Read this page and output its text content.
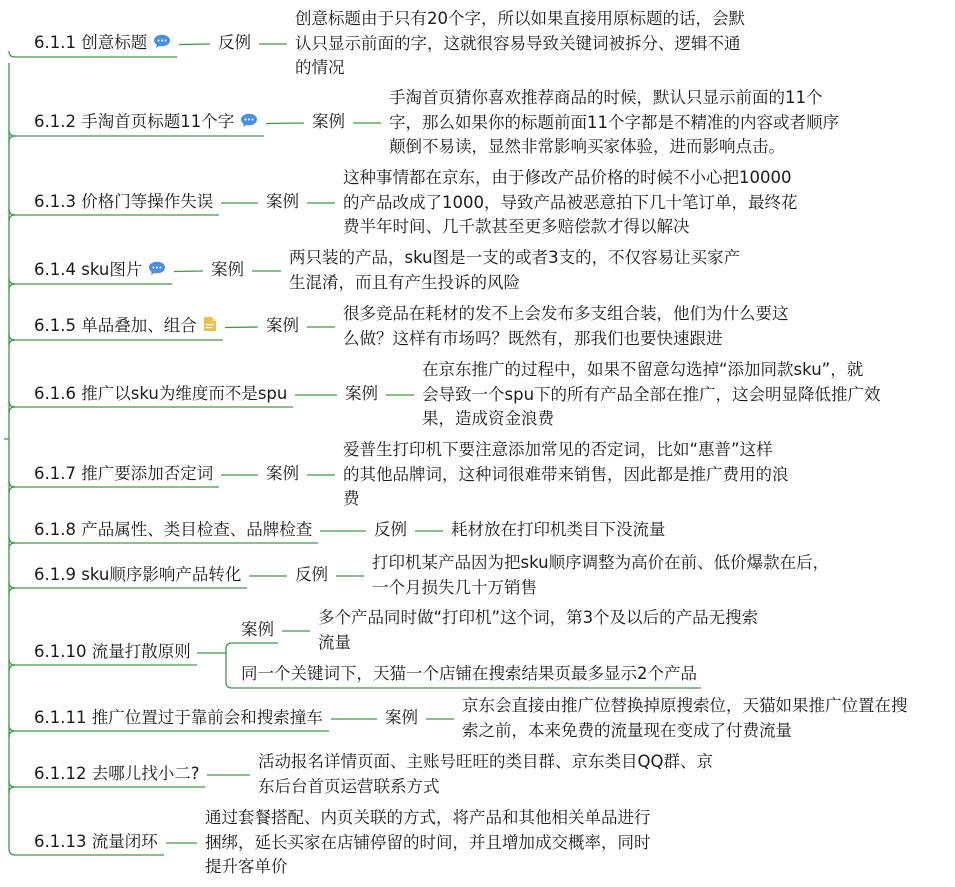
6.1.1 创意标题
6.1.2 手淘首页标题11个字
6.1.3 价格门等操作失误
6.1.4 sku图片
6.1.5 单品叠加、组合
6.1.6 推广以sku为维度而不是spu
6.1.7 推广要添加否定词
6.1.8 产品属性、类目检查、品牌检查
6.1.9 sku顺序影响产品转化
6.1.10 流量打散原则
6.1.11 推广位置过于靠前会和搜索撞车
6.1.12 去哪儿找小二?
6.1.13 流量闭环
反例
案例
案例
案例
案例
案例
案例
反例
反例
案例
案例
创意标题由于只有20个字，所以如果直接用原标题的话，会默
认只显示前面的字，这就很容易导致关键词被拆分、逻辑不通
的情况
手淘首页猜你喜欢推荐商品的时候，默认只显示前面的11个
字，那么如果你的标题前面11个字都是不精准的内容或者顺序
颠倒不易读，显然非常影响买家体验，进而影响点击。
这种事情都在京东，由于修改产品价格的时候不小心把10000
的产品改成了1000，导致产品被恶意拍下几十笔订单，最终花
费半年时间、几千款甚至更多赔偿款才得以解决
两只装的产品，sku图是一支的或者3支的，不仅容易让买家产
生混淆，而且有产生投诉的风险
很多竞品在耗材的发不上会发布多支组合装，他们为什么要这
么做？这样有市场吗？既然有，那我们也要快速跟进
在京东推广的过程中，如果不留意勾选掉“添加同款sku”，就
会导致一个spu下的所有产品全部在推广，这会明显降低推广效
果，造成资金浪费
爱普生打印机下要注意添加常见的否定词，比如“惠普”这样
的其他品牌词，这种词很难带来销售，因此都是推广费用的浪
费
耗材放在打印机类目下没流量
打印机某产品因为把sku顺序调整为高价在前、低价爆款在后，
一个月损失几十万销售
多个产品同时做“打印机”这个词，第3个及以后的产品无搜索
流量
同一个关键词下，天猫一个店铺在搜索结果页最多显示2个产品
京东会直接由推广位替换掉原搜索位，天猫如果推广位置在搜
索之前，本来免费的流量现在变成了付费流量
活动报名详情页面、主账号旺旺的类目群、京东类目QQ群、京
东后台首页运营联系方式
通过套餐搭配、内页关联的方式，将产品和其他相关单品进行
捆绑，延长买家在店铺停留的时间，并且增加成交概率，同时
提升客单价
